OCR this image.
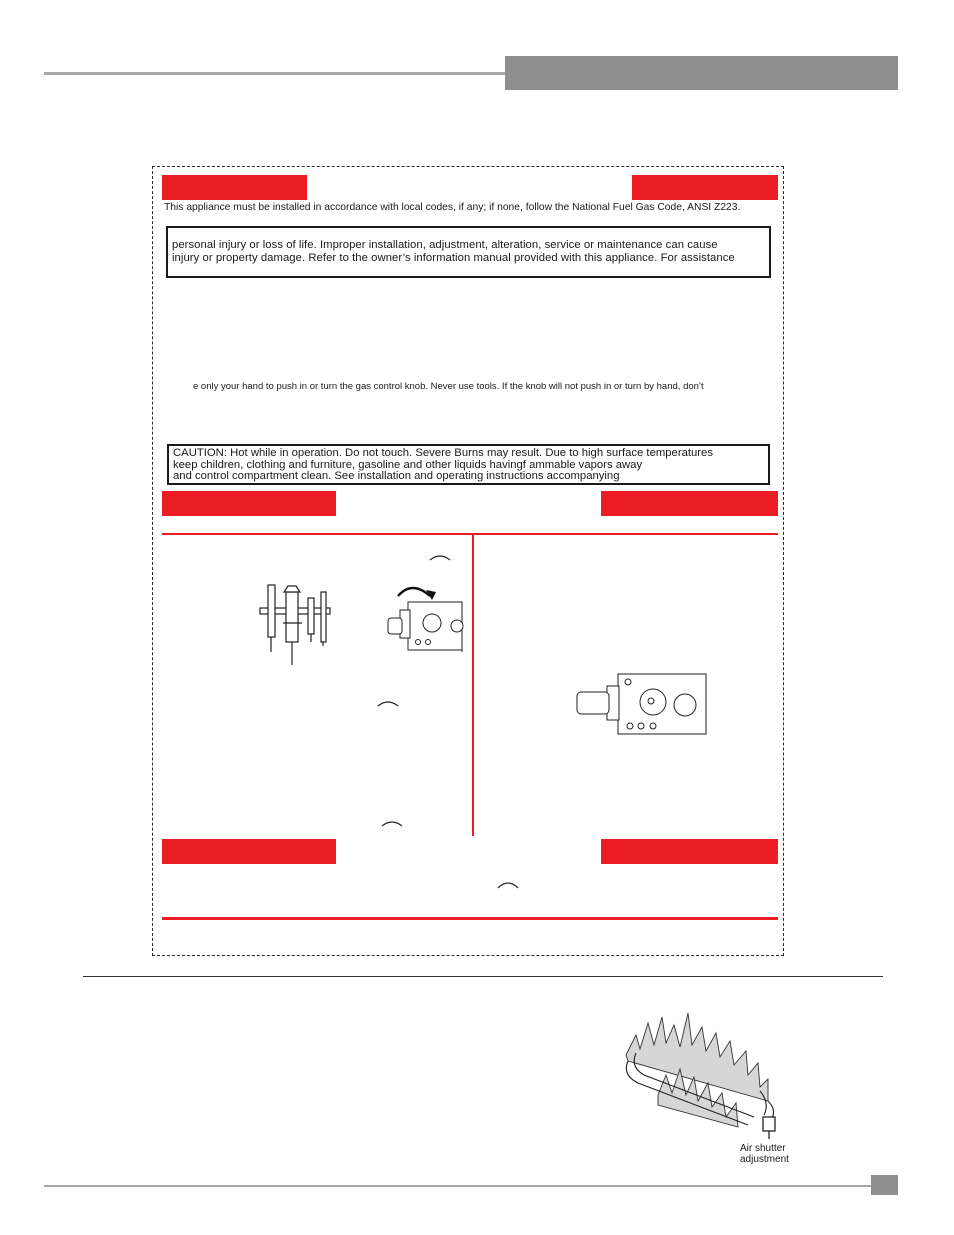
This appliance must be installed in accordance with local codes, if any; if none, follow the National Fuel Gas Code, ANSI Z223.
personal injury or loss of life. Improper installation, adjustment, alteration, service or maintenance can cause
injury or property damage. Refer to the owner’s information manual provided with this appliance. For assistance
e only your hand to push in or turn the gas control knob. Never use tools. If the knob will not push in or turn by hand, don’t
CAUTION: Hot while in operation. Do not touch. Severe Burns may result. Due to high surface temperatures
keep children, clothing and furniture, gasoline and other liquids havingf ammable vapors away
and control compartment clean. See installation and operating instructions accompanying
Air shutter
adjustment
